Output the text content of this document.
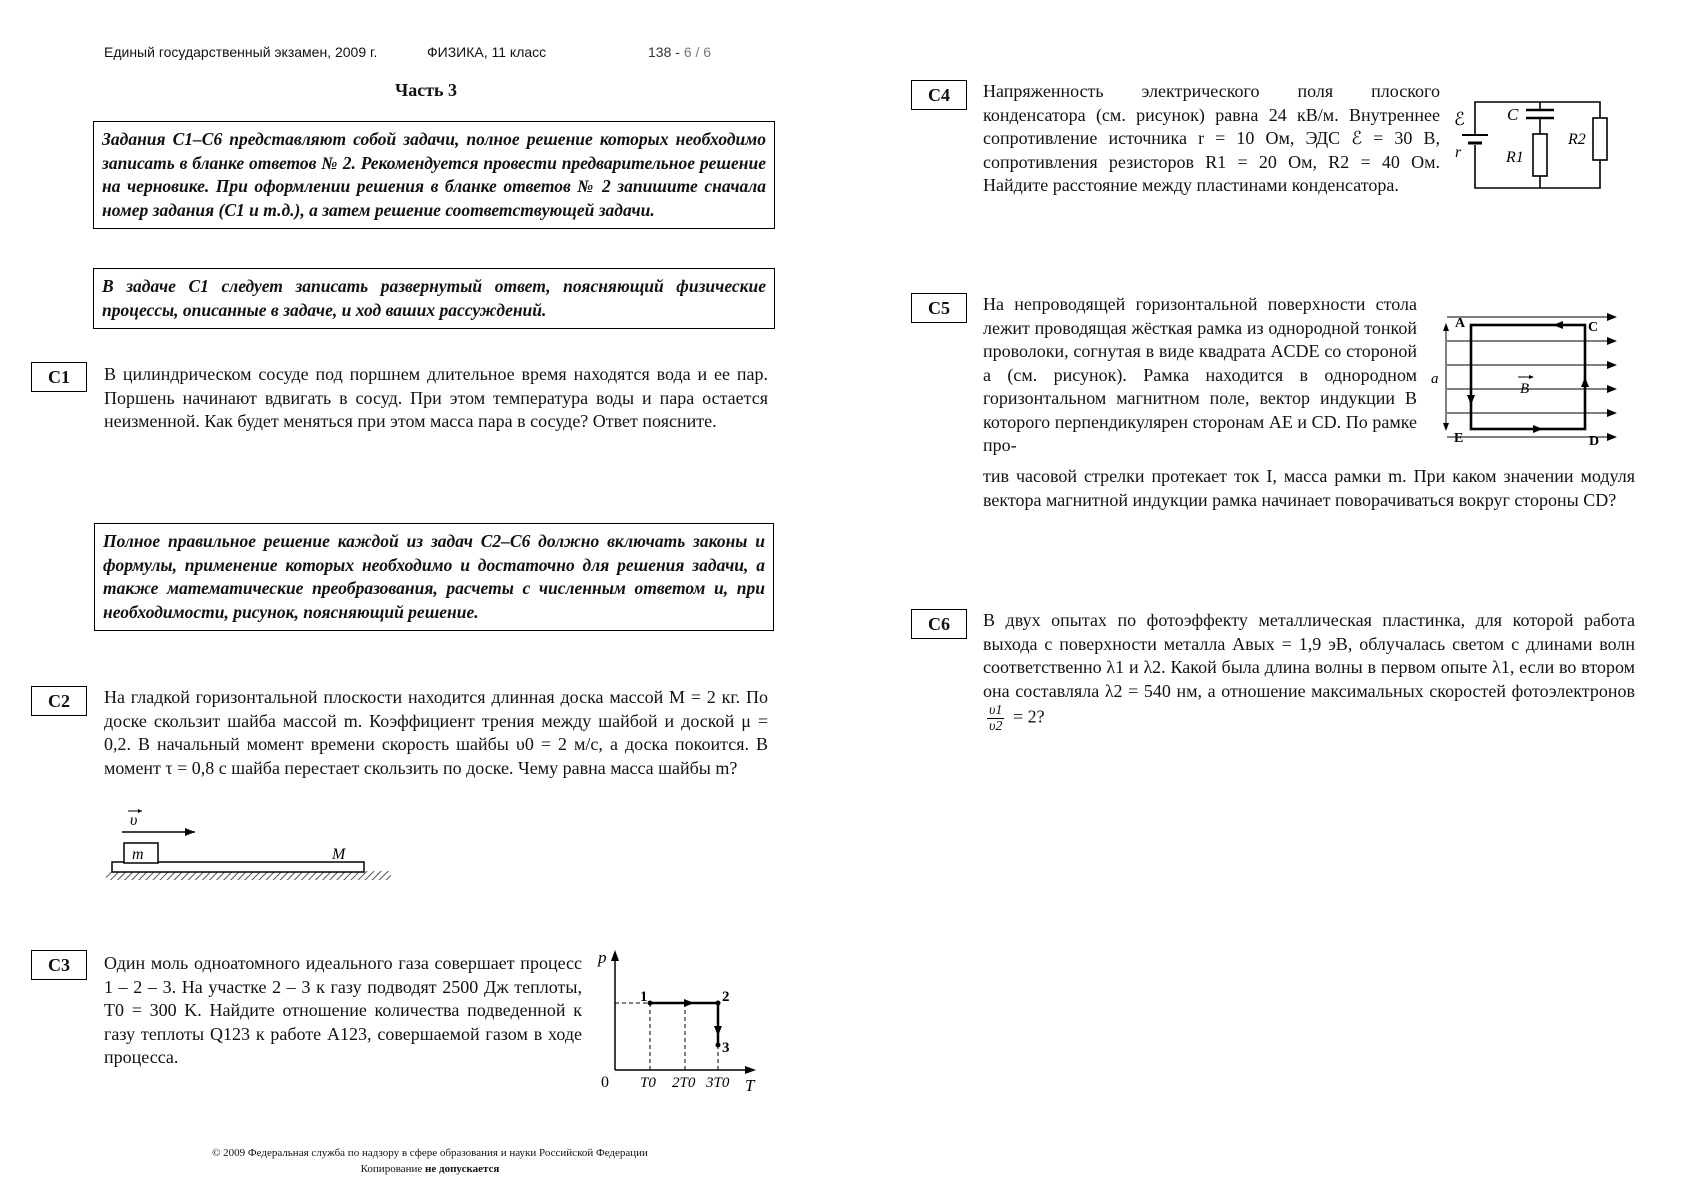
Единый государственный экзамен, 2009 г.	ФИЗИКА, 11 класс	138 - 6 / 6
Часть 3
Задания С1–С6 представляют собой задачи, полное решение которых необходимо записать в бланке ответов № 2. Рекомендуется провести предварительное решение на черновике. При оформлении решения в бланке ответов № 2 запишите сначала номер задания (С1 и т.д.), а затем решение соответствующей задачи.
В задаче С1 следует записать развернутый ответ, поясняющий физические процессы, описанные в задаче, и ход ваших рассуждений.
Полное правильное решение каждой из задач С2–С6 должно включать законы и формулы, применение которых необходимо и достаточно для решения задачи, а также математические преобразования, расчеты с численным ответом и, при необходимости, рисунок, поясняющий решение.
С1	В цилиндрическом сосуде под поршнем длительное время находятся вода и ее пар. Поршень начинают вдвигать в сосуд. При этом температура воды и пара остается неизменной. Как будет меняться при этом масса пара в сосуде? Ответ поясните.
С2	На гладкой горизонтальной плоскости находится длинная доска массой M = 2 кг. По доске скользит шайба массой m. Коэффициент трения между шайбой и доской μ = 0,2. В начальный момент времени скорость шайбы υ0 = 2 м/с, а доска покоится. В момент τ = 0,8 с шайба перестает скользить по доске. Чему равна масса шайбы m?
m	M
υ
С3	Один моль одноатомного идеального газа совершает процесс 1 – 2 – 3. На участке 2 – 3 к газу подводят 2500 Дж теплоты, T0 = 300 K. Найдите отношение количества подведенной к газу теплоты Q123 к работе A123, совершаемой газом в ходе процесса.
p
T
0
1	2
3
T0 2T0 3T0
С4	Напряженность электрического поля плоского конденсатора (см. рисунок) равна 24 кВ/м. Внутреннее сопротивление источника r = 10 Ом, ЭДС ℰ = 30 В, сопротивления резисторов R1 = 20 Ом, R2 = 40 Ом. Найдите расстояние между пластинами конденсатора.
ℰ
r
C
R1
R2
С5	На непроводящей горизонтальной поверхности стола лежит проводящая жёсткая рамка из однородной тонкой проволоки, согнутая в виде квадрата ACDE со стороной a (см. рисунок). Рамка находится в однородном горизонтальном магнитном поле, вектор индукции B которого перпендикулярен сторонам AE и CD. По рамке про-
тив часовой стрелки протекает ток I, масса рамки m. При каком значении модуля вектора магнитной индукции рамка начинает поворачиваться вокруг стороны CD?
a
A	C
E	D
B
С6	В двух опытах по фотоэффекту металлическая пластинка, для которой работа выхода с поверхности металла Aвых = 1,9 эВ, облучалась светом с длинами волн соответственно λ1 и λ2. Какой была длина волны в первом опыте λ1, если во втором она составляла λ2 = 540 нм, а отношение максимальных скоростей фотоэлектронов
$\frac{\upsilon 1}{\upsilon 2} = 2$?
© 2009 Федеральная служба по надзору в сфере образования и науки Российской Федерации
Копирование не допускается
